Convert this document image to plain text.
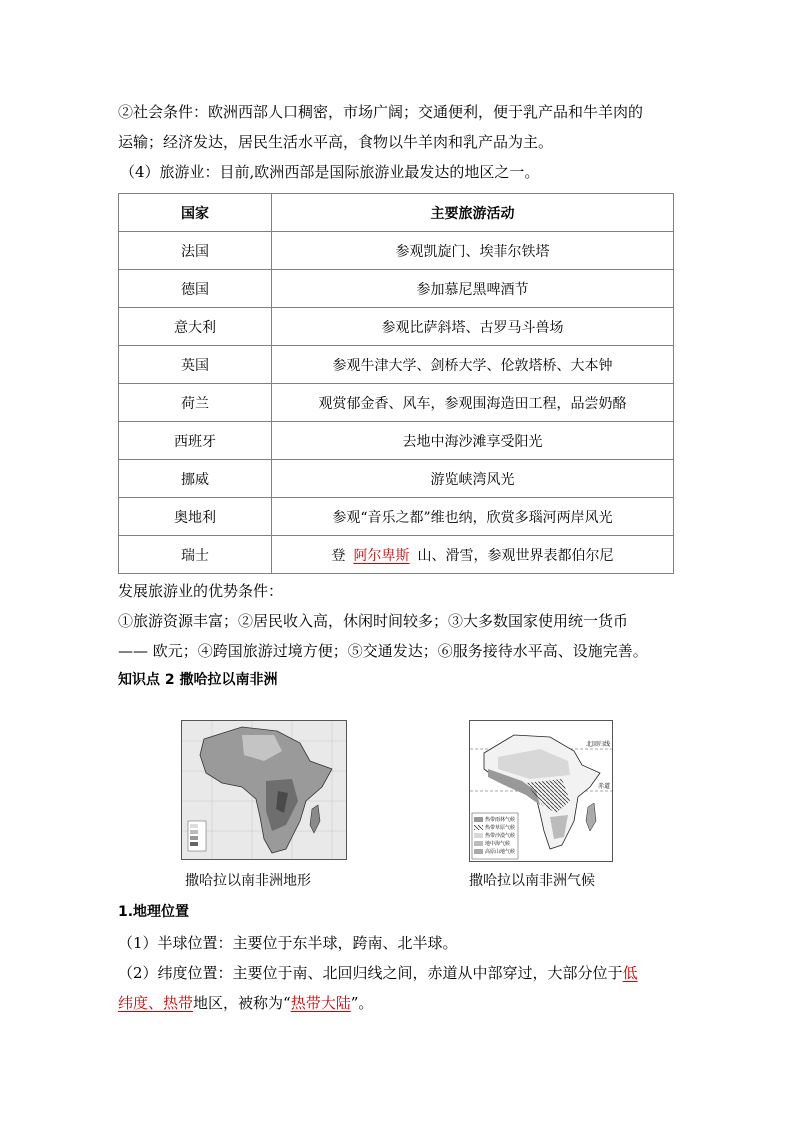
②社会条件：欧洲西部人口稠密，市场广阔；交通便利，便于乳产品和牛羊肉的
运输；经济发达，居民生活水平高，食物以牛羊肉和乳产品为主。
（4）旅游业：目前,欧洲西部是国际旅游业最发达的地区之一。
国家	主要旅游活动
法国	参观凯旋门、埃菲尔铁塔
德国	参加慕尼黑啤酒节
意大利	参观比萨斜塔、古罗马斗兽场
英国	参观牛津大学、剑桥大学、伦敦塔桥、大本钟
荷兰	观赏郁金香、风车，参观围海造田工程，品尝奶酪
西班牙	去地中海沙滩享受阳光
挪威	游览峡湾风光
奥地利	参观“音乐之都”维也纳，欣赏多瑙河两岸风光
瑞士	登 阿尔卑斯 山、滑雪，参观世界表都伯尔尼
发展旅游业的优势条件：
①旅游资源丰富；②居民收入高，休闲时间较多；③大多数国家使用统一货币
—— 欧元；④跨国旅游过境方便；⑤交通发达；⑥服务接待水平高、设施完善。
知识点 2 撒哈拉以南非洲
北回归线
赤道
热带雨林气候
热带草原气候
热带沙漠气候
地中海气候
高原山地气候
撒哈拉以南非洲地形	撒哈拉以南非洲气候
1.地理位置
（1）半球位置：主要位于东半球，跨南、北半球。
（2）纬度位置：主要位于南、北回归线之间，赤道从中部穿过，大部分位于低
纬度、热带地区，被称为“热带大陆”。
